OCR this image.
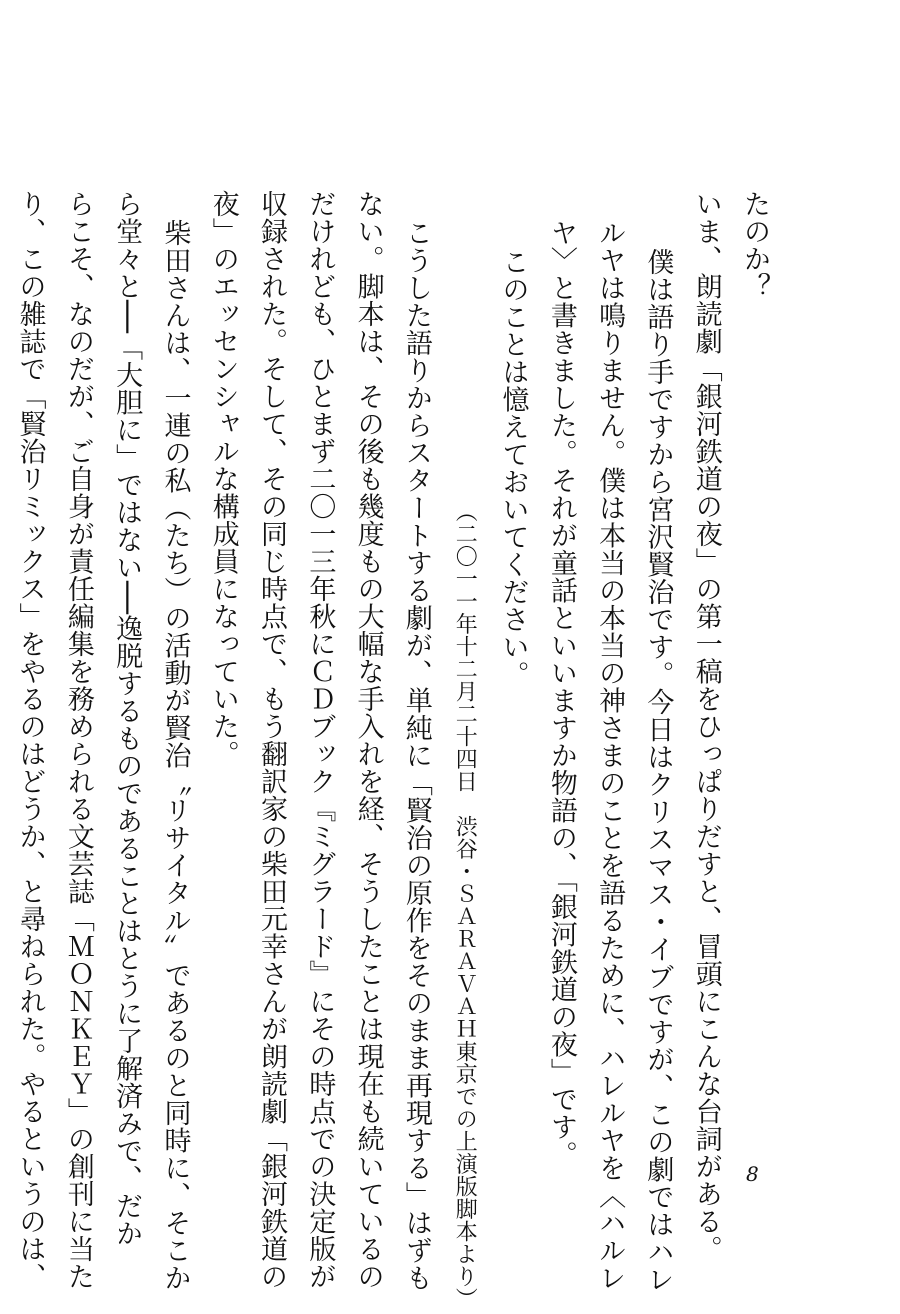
たのか？
いま、朗読劇「銀河鉄道の夜」の第一稿をひっぱりだすと、冒頭にこんな台詞がある。
僕は語り手ですから宮沢賢治です。今日はクリスマス・イブですが、この劇ではハレ
ルヤは鳴りません。僕は本当の本当の神さまのことを語るために、ハレルヤを〈ハルレ
ヤ〉と書きました。それが童話といいますか物語の、「銀河鉄道の夜」です。
このことは憶えておいてください。
（二〇一一年十二月二十四日　渋谷・ＳＡＲＡＶＡＨ東京での上演版脚本より）
こうした語りからスタートする劇が、単純に「賢治の原作をそのまま再現する」はずも
ない。脚本は、その後も幾度もの大幅な手入れを経、そうしたことは現在も続いているの
だけれども、ひとまず二〇一三年秋にＣＤブック『ミグラード』にその時点での決定版が
収録された。そして、その同じ時点で、もう翻訳家の柴田元幸さんが朗読劇「銀河鉄道の
夜」のエッセンシャルな構成員になっていた。
柴田さんは、一連の私（たち）の活動が賢治〝リサイタル〟であるのと同時に、そこか
ら堂々と──「大胆に」ではない──逸脱するものであることはとうに了解済みで、だか
らこそ、なのだが、ご自身が責任編集を務められる文芸誌「ＭＯＮＫＥＹ」の創刊に当た
り、この雑誌で「賢治リミックス」をやるのはどうか、と尋ねられた。やるというのは、	8
